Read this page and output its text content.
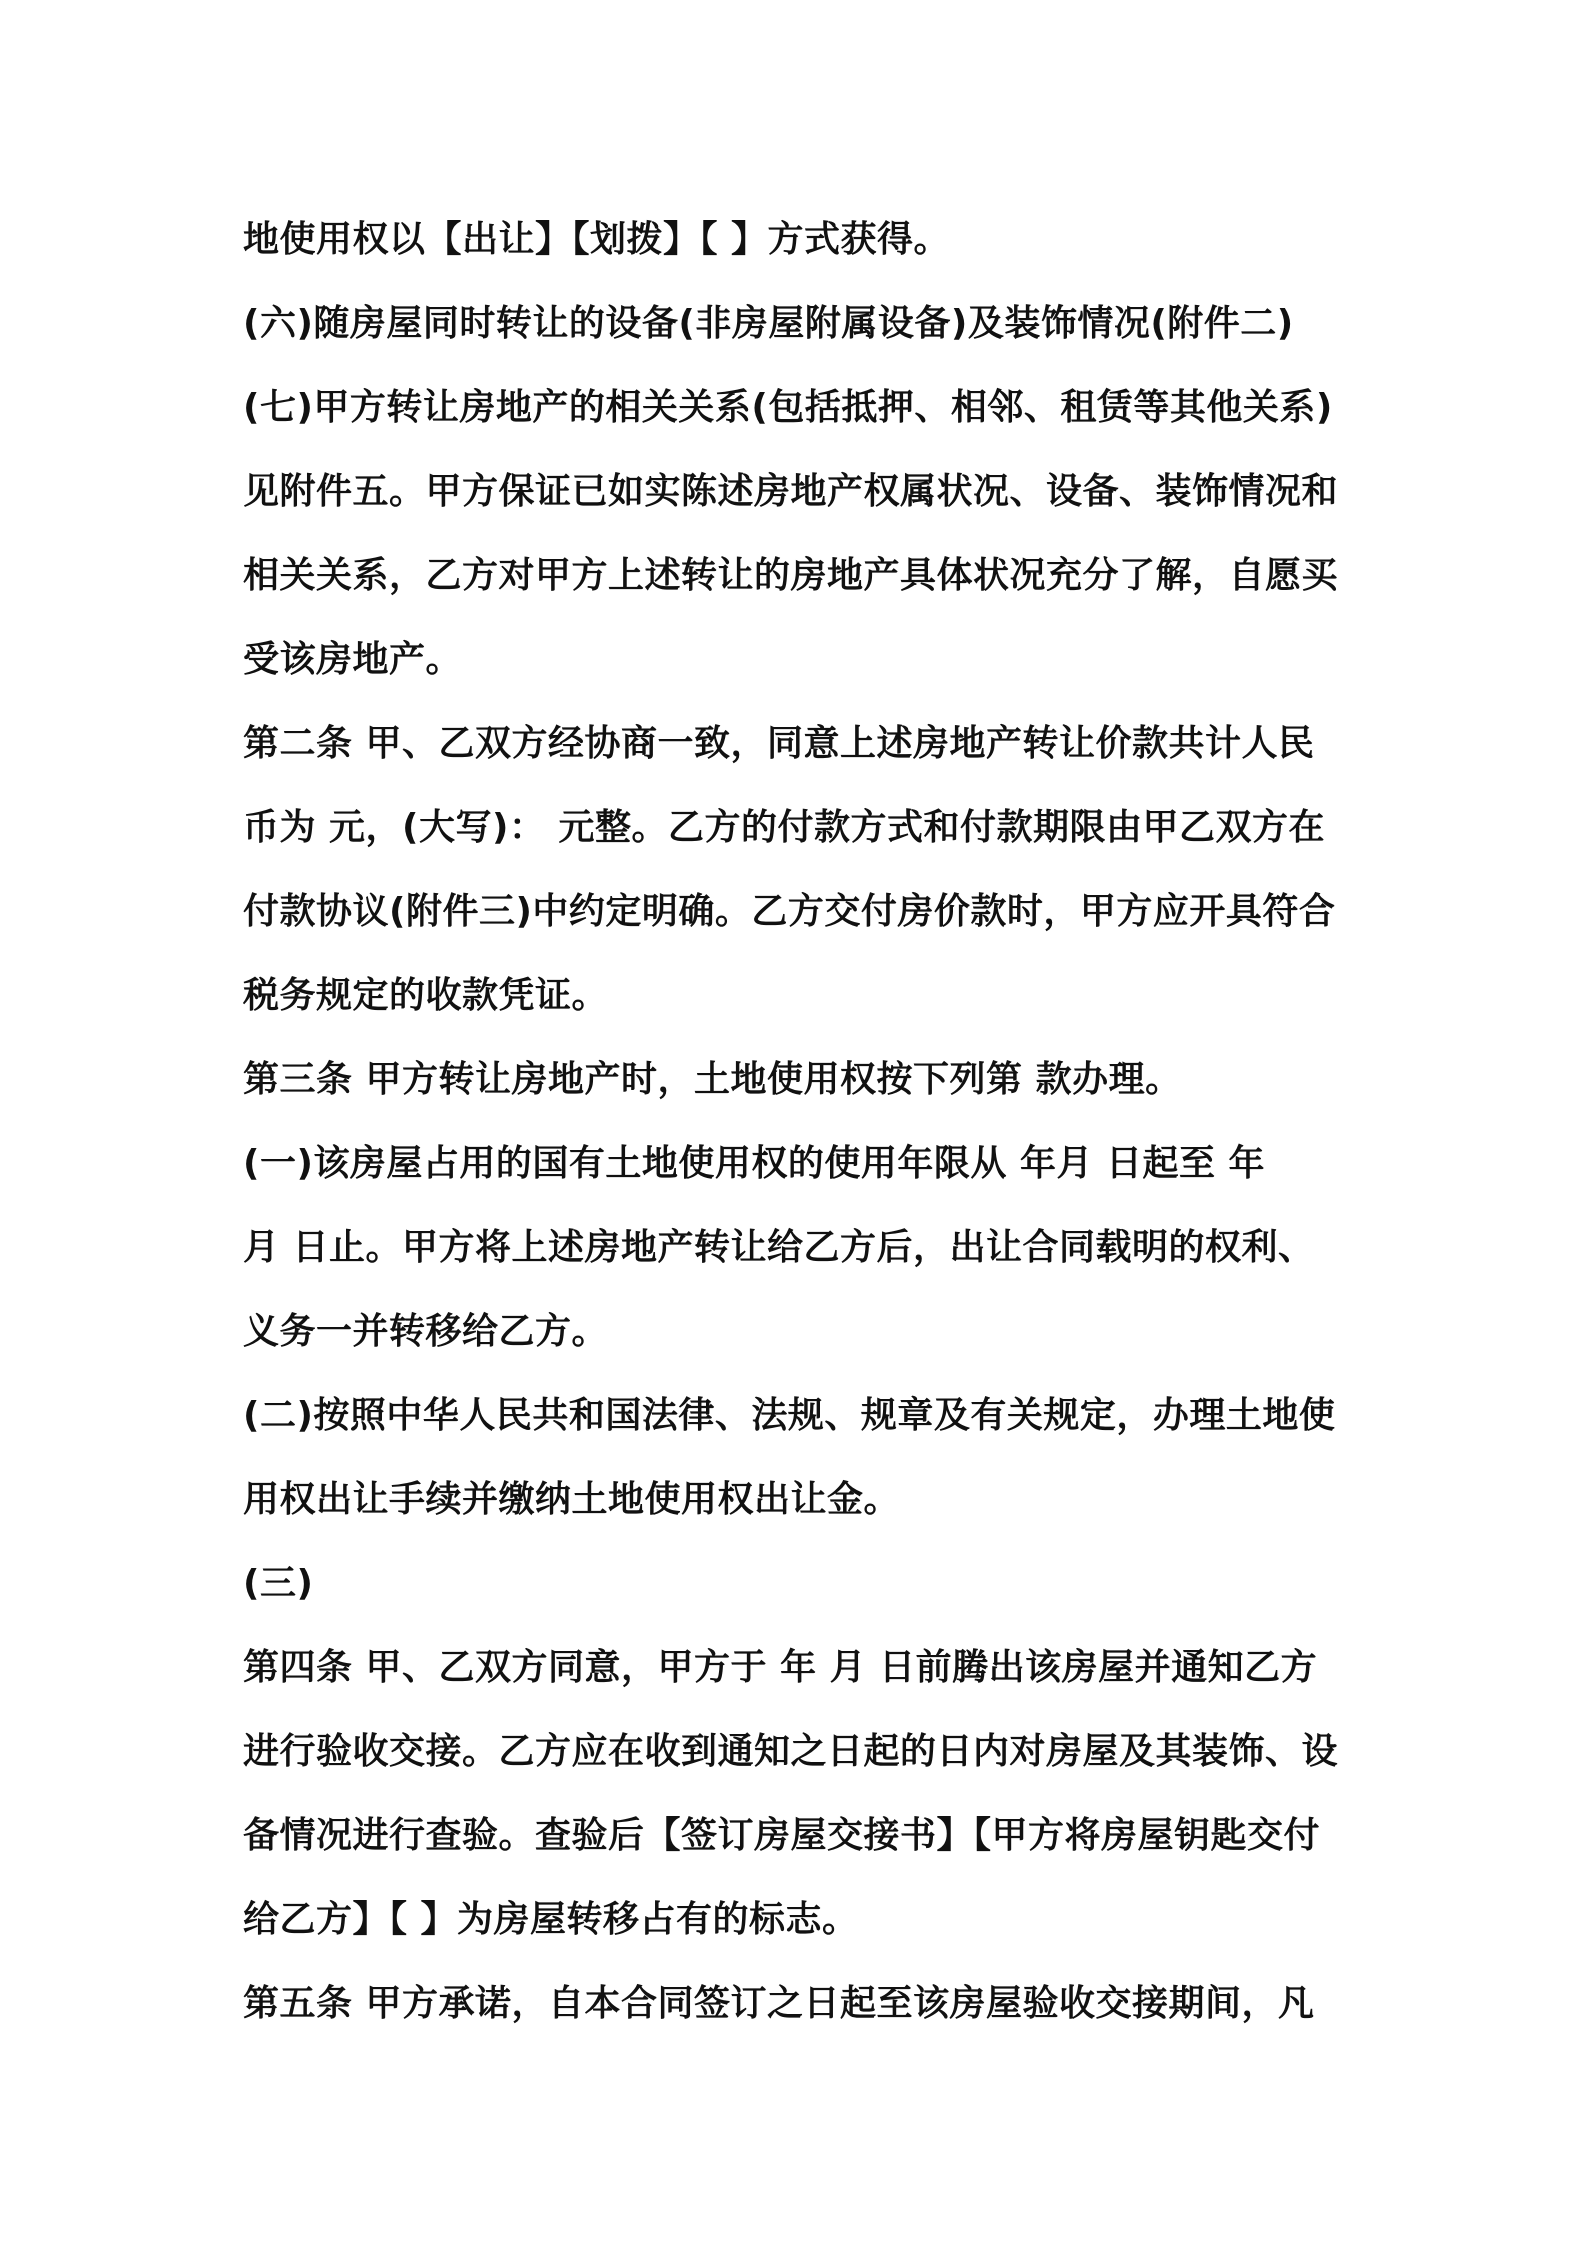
地使用权以【出让】【划拨】【 】方式获得。
(六)随房屋同时转让的设备(非房屋附属设备)及装饰情况(附件二)
(七)甲方转让房地产的相关关系(包括抵押、相邻、租赁等其他关系)
见附件五。甲方保证已如实陈述房地产权属状况、设备、装饰情况和
相关关系，乙方对甲方上述转让的房地产具体状况充分了解，自愿买
受该房地产。
第二条 甲、乙双方经协商一致，同意上述房地产转让价款共计人民
币为 元，(大写)： 元整。乙方的付款方式和付款期限由甲乙双方在
付款协议(附件三)中约定明确。乙方交付房价款时，甲方应开具符合
税务规定的收款凭证。
第三条 甲方转让房地产时，土地使用权按下列第 款办理。
(一)该房屋占用的国有土地使用权的使用年限从 年月 日起至 年
月 日止。甲方将上述房地产转让给乙方后，出让合同载明的权利、
义务一并转移给乙方。
(二)按照中华人民共和国法律、法规、规章及有关规定，办理土地使
用权出让手续并缴纳土地使用权出让金。
(三)
第四条 甲、乙双方同意，甲方于 年 月 日前腾出该房屋并通知乙方
进行验收交接。乙方应在收到通知之日起的日内对房屋及其装饰、设
备情况进行查验。查验后【签订房屋交接书】【甲方将房屋钥匙交付
给乙方】【 】为房屋转移占有的标志。
第五条 甲方承诺，自本合同签订之日起至该房屋验收交接期间，凡
